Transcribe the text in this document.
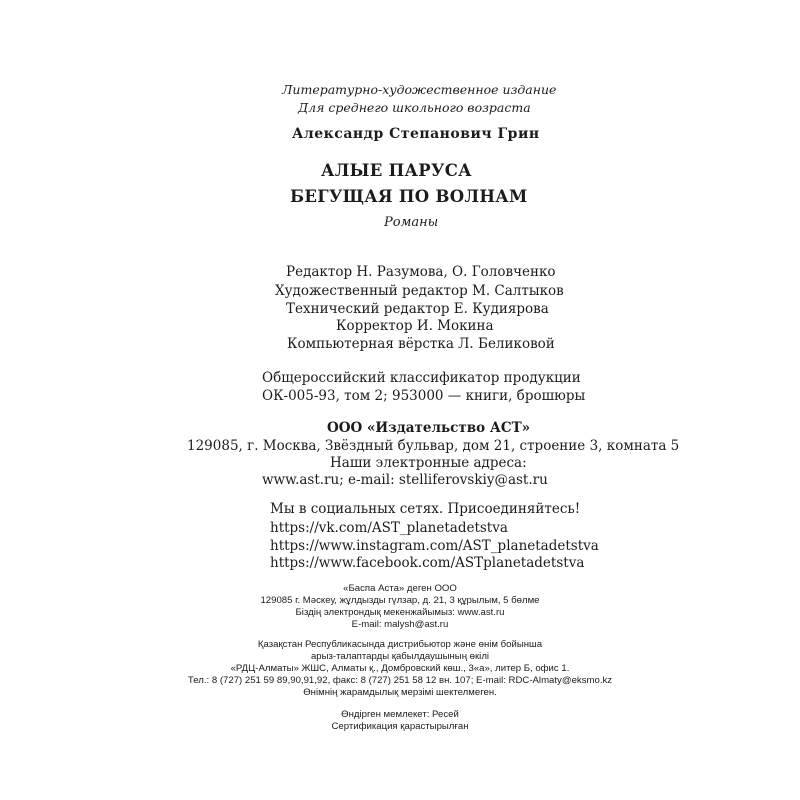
Литературно-художественное издание
Для среднего школьного возраста
Александр Степанович Грин
АЛЫЕ ПАРУСА
БЕГУЩАЯ ПО ВОЛНАМ
Романы
Редактор Н. Разумова, О. Головченко
Художественный редактор М. Салтыков
Технический редактор Е. Кудиярова
Корректор И. Мокина
Компьютерная вёрстка Л. Беликовой
Общероссийский классификатор продукции
ОК-005-93, том 2; 953000 — книги, брошюры
ООО «Издательство АСТ»
129085, г. Москва, Звёздный бульвар, дом 21, строение 3, комната 5
Наши электронные адреса:
www.ast.ru; e-mail: stelliferovskiy@ast.ru
Мы в социальных сетях. Присоединяйтесь!
https://vk.com/AST_planetadetstva
https://www.instagram.com/AST_planetadetstva
https://www.facebook.com/ASTplanetadetstva
«Баспа Аста» деген ООО
129085 г. Мәскеу, жұлдызды гүлзар, д. 21, 3 құрылым, 5 бөлме
Біздің электрондық мекенжайымыз: www.ast.ru
E-mail: malysh@ast.ru
Қазақстан Республикасында дистрибьютор және өнім бойынша
арыз-талаптарды қабылдаушының өкілі
«РДЦ-Алматы» ЖШС, Алматы қ., Домбровский көш., 3«а», литер Б, офис 1.
Тел.: 8 (727) 251 59 89,90,91,92, факс: 8 (727) 251 58 12 вн. 107; E-mail: RDC-Almaty@eksmo.kz
Өнімнің жарамдылық мерзімі шектелмеген.
Өндірген мемлекет: Ресей
Сертификация қарастырылған
